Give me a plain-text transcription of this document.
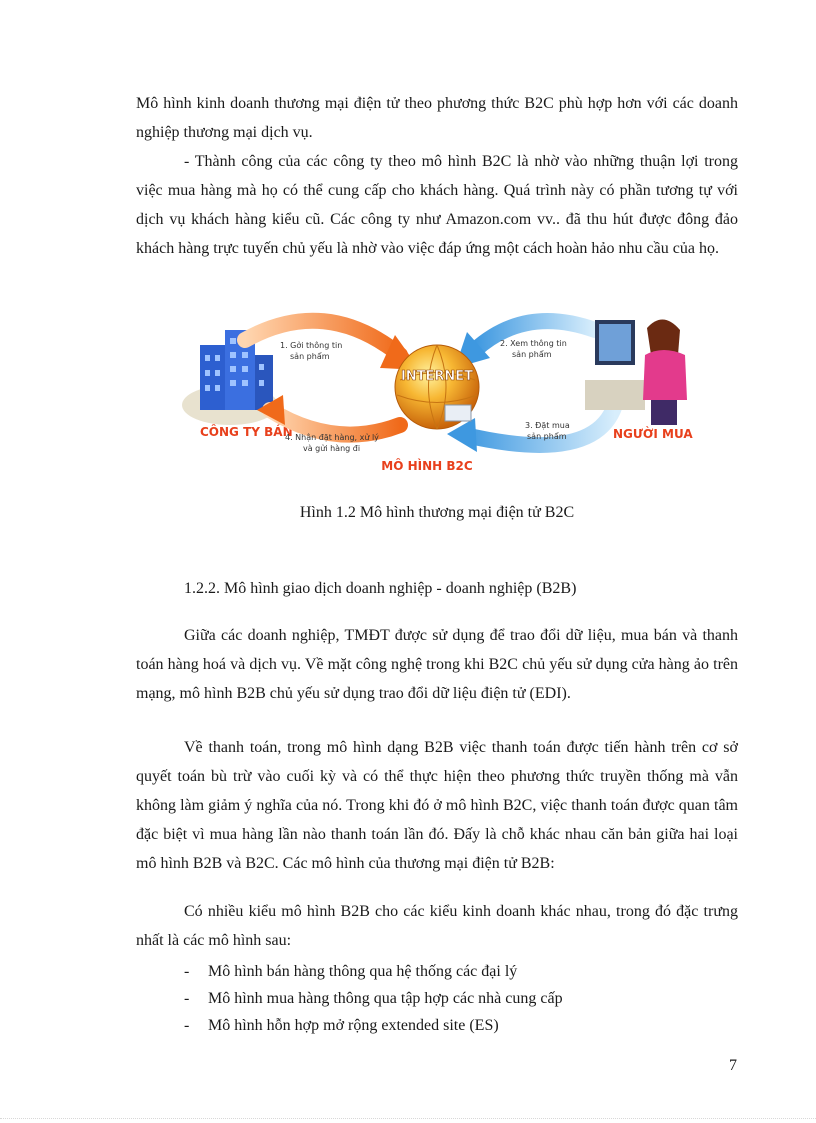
Mô hình kinh doanh thương mại điện tử theo phương thức B2C phù hợp hơn với các doanh nghiệp thương mại dịch vụ.

- Thành công của các công ty theo mô hình B2C là nhờ vào những thuận lợi trong việc mua hàng mà họ có thể cung cấp cho khách hàng. Quá trình này có phần tương tự với dịch vụ khách hàng kiểu cũ. Các công ty như Amazon.com vv.. đã thu hút được đông đảo khách hàng trực tuyến chủ yếu là nhờ vào việc đáp ứng một cách hoàn hảo nhu cầu của họ.

CÔNG TY BÁN
INTERNET
NGƯỜI MUA
1. Gởi thông tin
sản phẩm
2. Xem thông tin
sản phẩm
3. Đặt mua
sản phẩm
4. Nhận đặt hàng, xử lý
và gửi hàng đi
MÔ HÌNH B2C

Hình 1.2 Mô hình thương mại điện tử B2C

1.2.2. Mô hình giao dịch doanh nghiệp - doanh nghiệp (B2B)

Giữa các doanh nghiệp, TMĐT được sử dụng để trao đổi dữ liệu, mua bán và thanh toán hàng hoá và dịch vụ. Về mặt công nghệ trong khi B2C chủ yếu sử dụng cửa hàng ảo trên mạng, mô hình B2B chủ yếu sử dụng trao đổi dữ liệu điện tử (EDI).

Về thanh toán, trong mô hình dạng B2B việc thanh toán được tiến hành trên cơ sở quyết toán bù trừ vào cuối kỳ và có thể thực hiện theo phương thức truyền thống mà vẫn không làm giảm ý nghĩa của nó. Trong khi đó ở mô hình B2C, việc thanh toán được quan tâm đặc biệt vì mua hàng lần nào thanh toán lần đó. Đấy là chỗ khác nhau căn bản giữa hai loại mô hình B2B và B2C. Các mô hình của thương mại điện tử B2B:

Có nhiều kiểu mô hình B2B cho các kiểu kinh doanh khác nhau, trong đó đặc trưng nhất là các mô hình sau:

- Mô hình bán hàng thông qua hệ thống các đại lý
- Mô hình mua hàng thông qua tập hợp các nhà cung cấp
- Mô hình hỗn hợp mở rộng extended site (ES)

7
